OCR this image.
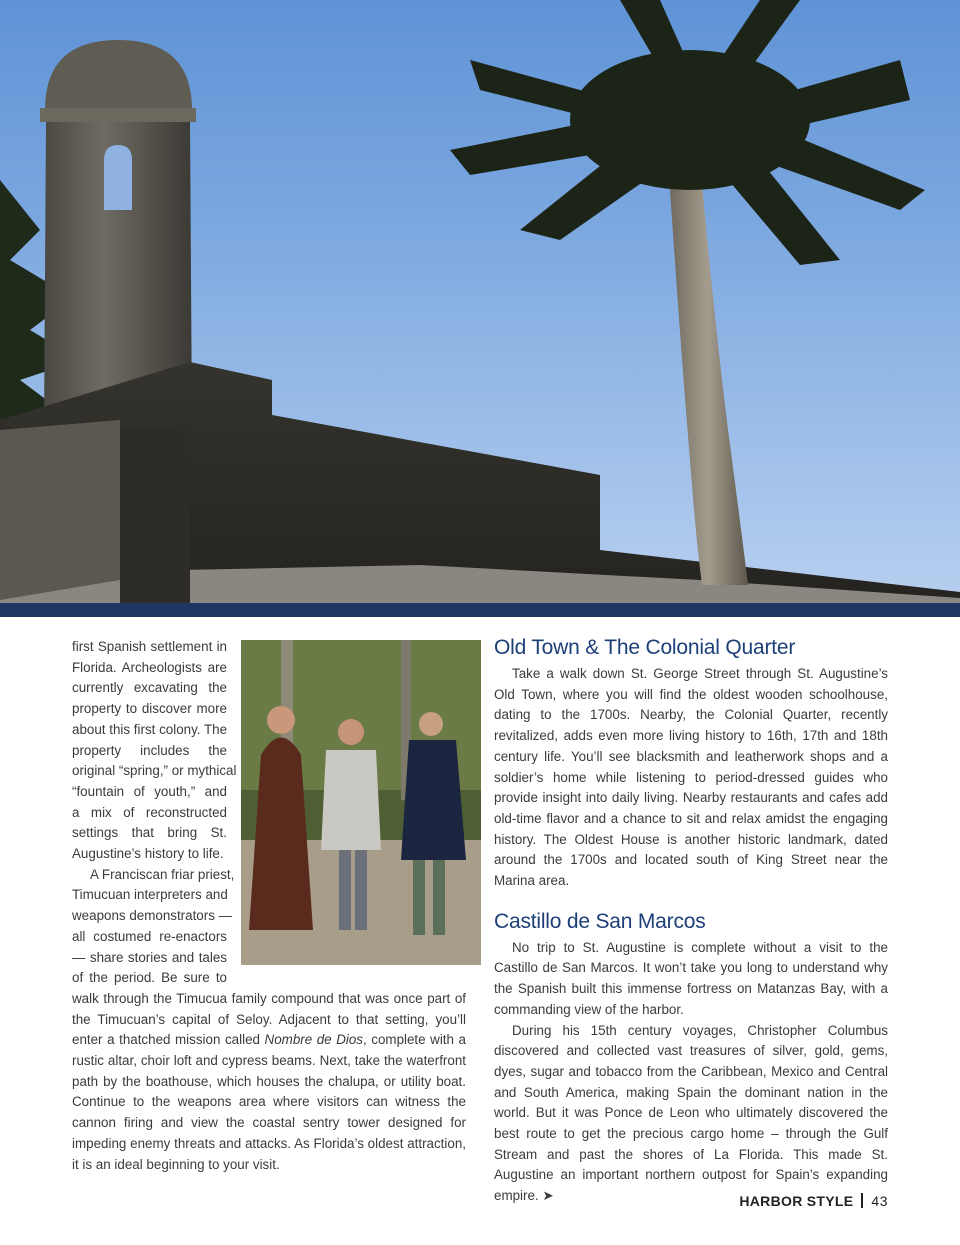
first Spanish settlement in
Florida. Archeologists are
currently excavating the
property to discover more
about this first colony. The
property includes the
original “spring,” or mythical
“fountain of youth,” and
a mix of reconstructed
settings that bring St.
Augustine’s history to life.
A Franciscan friar priest,
Timucuan interpreters and
weapons demonstrators —
all costumed re-enactors
— share stories and tales
of the period. Be sure to

walk through the Timucua family compound that was once part of the Timucuan’s capital of Seloy. Adjacent to that setting, you’ll enter a thatched mission called Nombre de Dios, complete with a rustic altar, choir loft and cypress beams. Next, take the waterfront path by the boathouse, which houses the chalupa, or utility boat. Continue to the weapons area where visitors can witness the cannon firing and view the coastal sentry tower designed for impeding enemy threats and attacks. As Florida’s oldest attraction, it is an ideal beginning to your visit.

Old Town & The Colonial Quarter

Take a walk down St. George Street through St. Augustine’s Old Town, where you will find the oldest wooden schoolhouse, dating to the 1700s. Nearby, the Colonial Quarter, recently revitalized, adds even more living history to 16th, 17th and 18th century life. You’ll see blacksmith and leatherwork shops and a soldier’s home while listening to period-dressed guides who provide insight into daily living. Nearby restaurants and cafes add old-time flavor and a chance to sit and relax amidst the engaging history. The Oldest House is another historic landmark, dated around the 1700s and located south of King Street near the Marina area.

Castillo de San Marcos

No trip to St. Augustine is complete without a visit to the Castillo de San Marcos. It won’t take you long to understand why the Spanish built this immense fortress on Matanzas Bay, with a commanding view of the harbor.

During his 15th century voyages, Christopher Columbus discovered and collected vast treasures of silver, gold, gems, dyes, sugar and tobacco from the Caribbean, Mexico and Central and South America, making Spain the dominant nation in the world. But it was Ponce de Leon who ultimately discovered the best route to get the precious cargo home – through the Gulf Stream and past the shores of La Florida. This made St. Augustine an important northern outpost for Spain’s expanding empire. ➤	HARBOR STYLE 43
